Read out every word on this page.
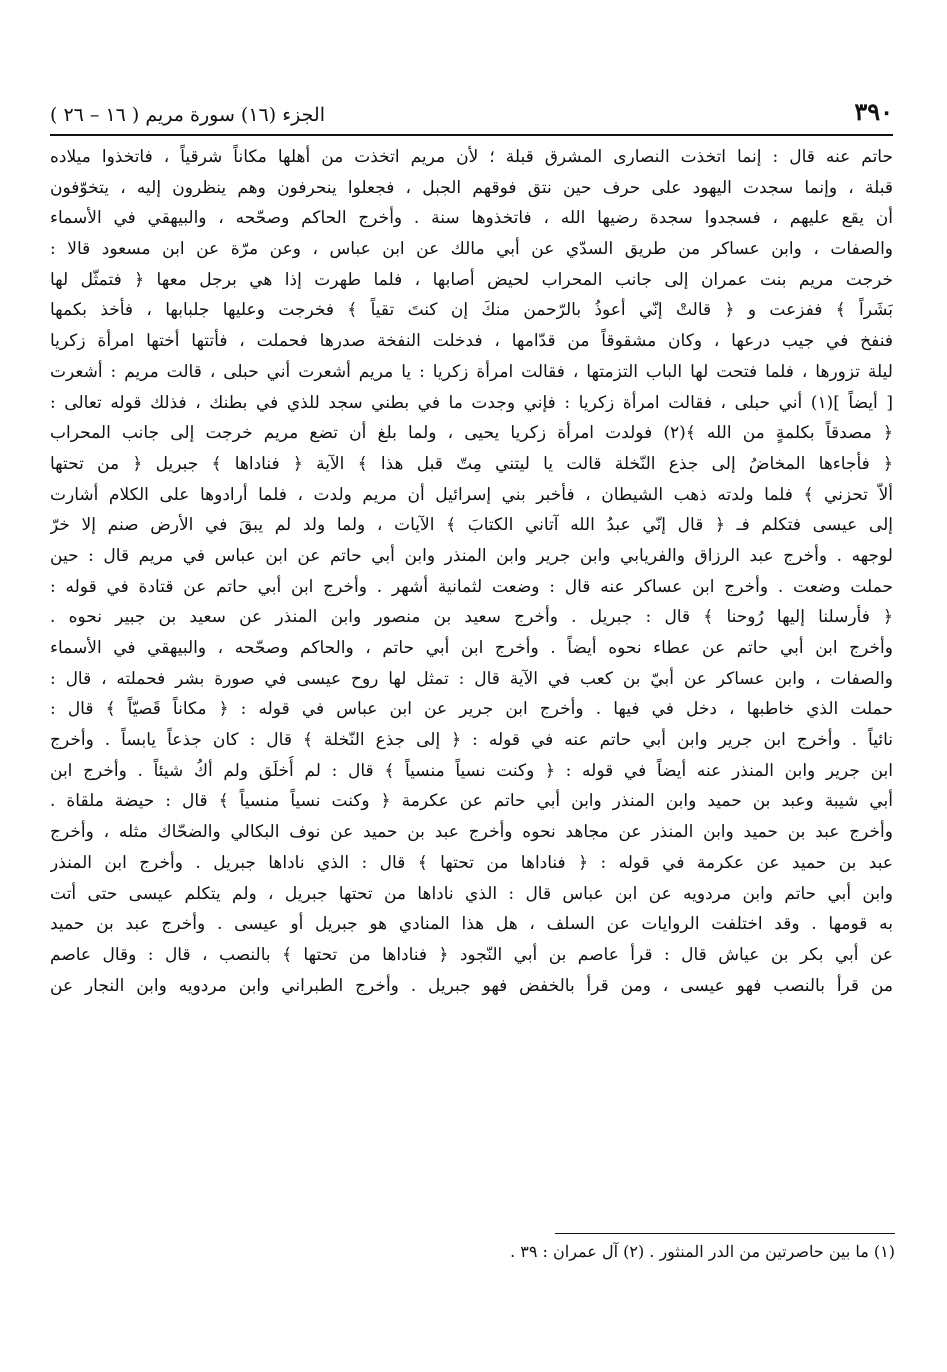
٣٩٠
الجزء (١٦) سورة مريم ( ١٦ – ٢٦ )
حاتم عنه قال : إنما اتخذت النصارى المشرق قبلة ؛ لأن مريم اتخذت من أهلها مكاناً شرقياً ، فاتخذوا ميلاده
قبلة ، وإنما سجدت اليهود على حرف حين نتق فوقهم الجبل ، فجعلوا ينحرفون وهم ينظرون إليه ، يتخوّفون
أن يقع عليهم ، فسجدوا سجدة رضيها الله ، فاتخذوها سنة . وأخرج الحاكم وصحّحه ، والبيهقي في الأسماء
والصفات ، وابن عساكر من طريق السدّي عن أبي مالك عن ابن عباس ، وعن مرّة عن ابن مسعود قالا :
خرجت مريم بنت عمران إلى جانب المحراب لحيض أصابها ، فلما طهرت إذا هي برجل معها ﴿ فتمثّل لها
بَشَراً ﴾ ففزعت و ﴿ قالتْ إنّي أعوذُ بالرّحمن منكَ إن كنتَ تقياً ﴾ فخرجت وعليها جلبابها ، فأخذ بكمها
فنفخ في جيب درعها ، وكان مشقوقاً من قدّامها ، فدخلت النفخة صدرها فحملت ، فأتتها أختها امرأة زكريا
ليلة تزورها ، فلما فتحت لها الباب التزمتها ، فقالت امرأة زكريا : يا مريم أشعرت أني حبلى ، قالت مريم : أشعرت
[ أيضاً ](١) أني حبلى ، فقالت امرأة زكريا : فإني وجدت ما في بطني سجد للذي في بطنك ، فذلك قوله تعالى :
﴿ مصدقاً بكلمةٍ من الله ﴾(٢) فولدت امرأة زكريا يحيى ، ولما بلغ أن تضع مريم خرجت إلى جانب المحراب
﴿ فأجاءها المخاضُ إلى جذع النّخلة قالت يا ليتني مِتّ قبل هذا ﴾ الآية ﴿ فناداها ﴾ جبريل ﴿ من تحتها
ألاّ تحزني ﴾ فلما ولدته ذهب الشيطان ، فأخبر بني إسرائيل أن مريم ولدت ، فلما أرادوها على الكلام أشارت
إلى عيسى فتكلم فـ ﴿ قال إنّي عبدُ الله آتاني الكتابَ ﴾ الآيات ، ولما ولد لم يبقَ في الأرض صنم إلا خرّ
لوجهه . وأخرج عبد الرزاق والفريابي وابن جرير وابن المنذر وابن أبي حاتم عن ابن عباس في مريم قال : حين
حملت وضعت . وأخرج ابن عساكر عنه قال : وضعت لثمانية أشهر . وأخرج ابن أبي حاتم عن قتادة في قوله :
﴿ فأرسلنا إليها رُوحنا ﴾ قال : جبريل . وأخرج سعيد بن منصور وابن المنذر عن سعيد بن جبير نحوه .
وأخرج ابن أبي حاتم عن عطاء نحوه أيضاً . وأخرج ابن أبي حاتم ، والحاكم وصحّحه ، والبيهقي في الأسماء
والصفات ، وابن عساكر عن أبيّ بن كعب في الآية قال : تمثل لها روح عيسى في صورة بشر فحملته ، قال :
حملت الذي خاطبها ، دخل في فيها . وأخرج ابن جرير عن ابن عباس في قوله : ﴿ مكاناً قَصيّاً ﴾ قال :
نائياً . وأخرج ابن جرير وابن أبي حاتم عنه في قوله : ﴿ إلى جذع النّخلة ﴾ قال : كان جذعاً يابساً . وأخرج
ابن جرير وابن المنذر عنه أيضاً في قوله : ﴿ وكنت نسياً منسياً ﴾ قال : لم أُخلَق ولم أكُ شيئاً . وأخرج ابن
أبي شيبة وعبد بن حميد وابن المنذر وابن أبي حاتم عن عكرمة ﴿ وكنت نسياً منسياً ﴾ قال : حيضة ملقاة .
وأخرج عبد بن حميد وابن المنذر عن مجاهد نحوه وأخرج عبد بن حميد عن نوف البكالي والضحّاك مثله ، وأخرج
عبد بن حميد عن عكرمة في قوله : ﴿ فناداها من تحتها ﴾ قال : الذي ناداها جبريل . وأخرج ابن المنذر
وابن أبي حاتم وابن مردويه عن ابن عباس قال : الذي ناداها من تحتها جبريل ، ولم يتكلم عيسى حتى أتت
به قومها . وقد اختلفت الروايات عن السلف ، هل هذا المنادي هو جبريل أو عيسى . وأخرج عبد بن حميد
عن أبي بكر بن عياش قال : قرأ عاصم بن أبي النّجود ﴿ فناداها من تحتها ﴾ بالنصب ، قال : وقال عاصم
من قرأ بالنصب فهو عيسى ، ومن قرأ بالخفض فهو جبريل . وأخرج الطبراني وابن مردويه وابن النجار عن
(١) ما بين حاصرتين من الدر المنثور . (٢) آل عمران : ٣٩ .
